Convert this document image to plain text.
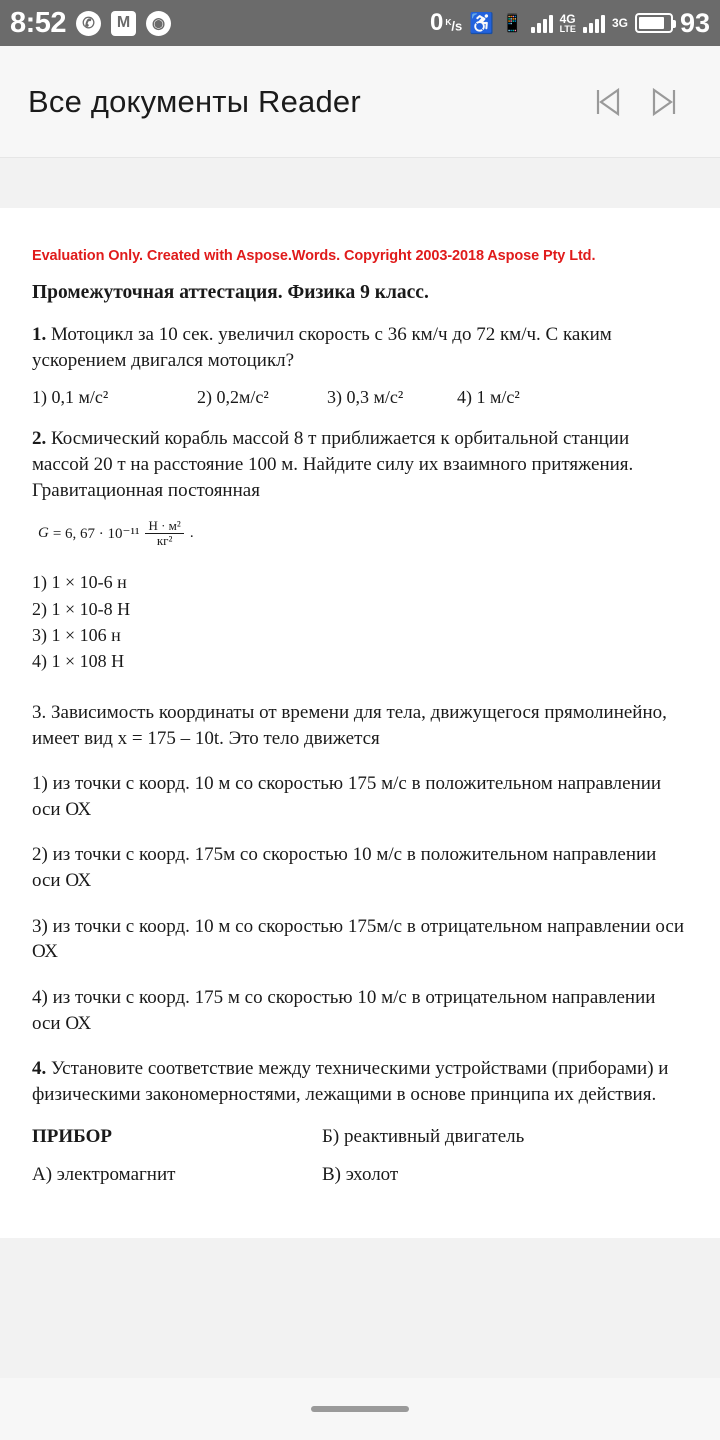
8:52	✆	M	◉	0 $^K$/s ♿ 📱	4G
LTE	3G 93
Все документы Reader
Evaluation Only. Created with Aspose.Words. Copyright 2003-2018 Aspose Pty Ltd.
Промежуточная аттестация. Физика 9 класс.
1. Мотоцикл за 10 сек. увеличил скорость с 36 км/ч до 72 км/ч. С каким ускорением двигался мотоцикл?
1) 0,1 м/с²	2) 0,2м/с²	3) 0,3 м/с²	4) 1 м/с²
2. Космический корабль массой 8 т приближается к орбитальной станции массой 20 т на расстояние 100 м. Найдите силу их взаимного притяжения. Гравитационная постоянная
G = 6, $67 \cdot 10^{-11} \frac{\text{Н · м²}}{\text{кг²}}$ .
1) 1 × 10-6 н
2) 1 × 10-8 Н
3) 1 × 106 н
4) 1 × 108 Н
3. Зависимость координаты от времени для тела, движущегося прямолинейно, имеет вид x = 175 – 10t. Это тело движется
1) из точки с коорд. 10 м со скоростью 175 м/с в положительном направлении оси ОХ
2) из точки с коорд. 175м со скоростью 10 м/с в положительном направлении оси ОХ
3) из точки с коорд. 10 м со скоростью 175м/с в отрицательном направлении оси ОХ
4) из точки с коорд. 175 м со скоростью 10 м/с в отрицательном направлении оси ОХ
4. Установите соответствие между техническими устройствами (приборами) и физическими закономерностями, лежащими в основе принципа их действия.
ПРИБОР	Б) реактивный двигатель
А) электромагнит	В) эхолот
